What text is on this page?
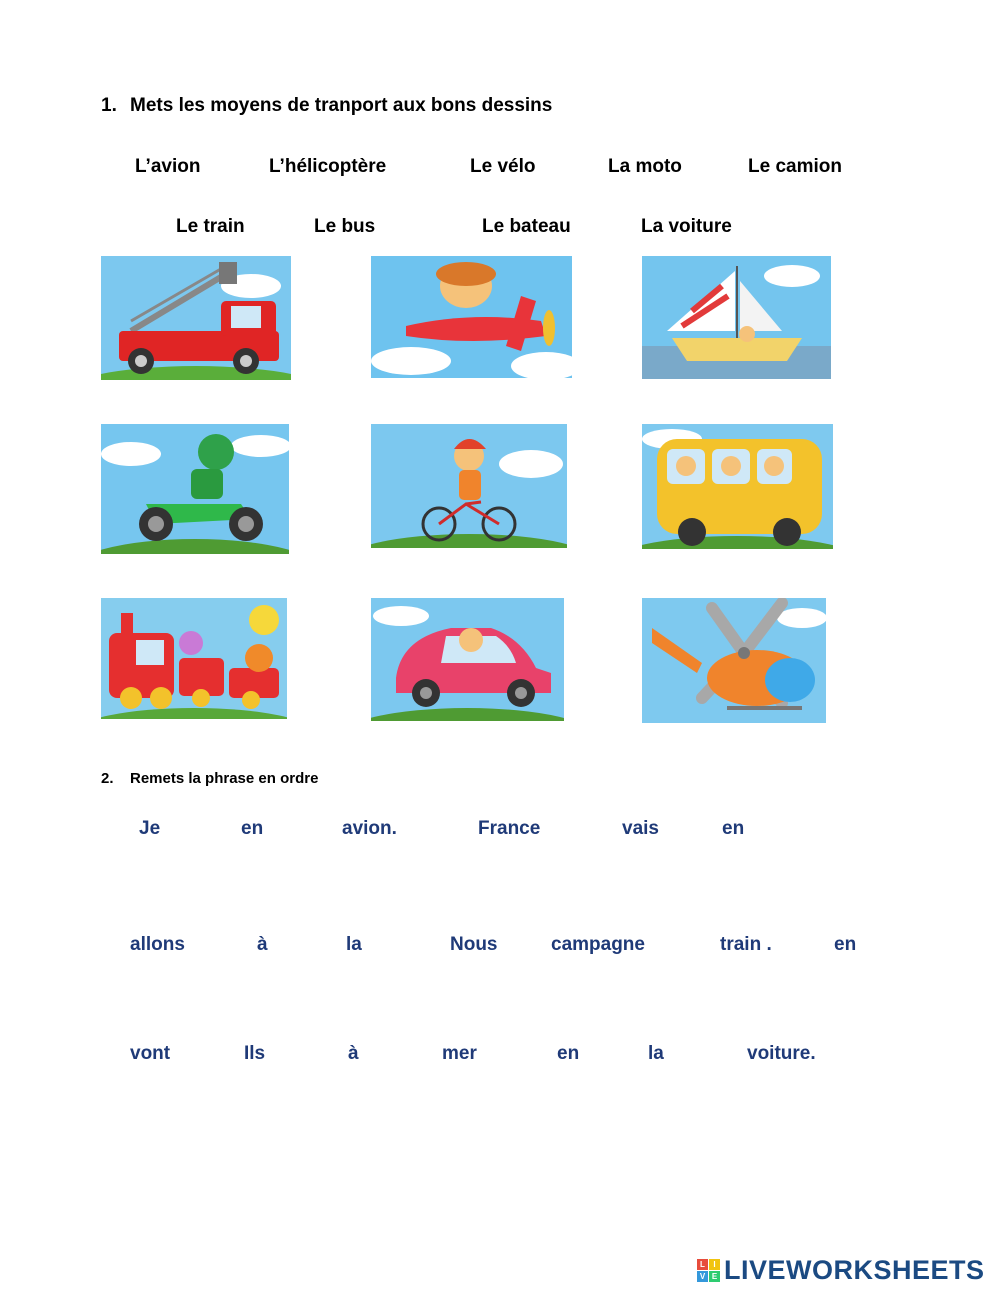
1. Mets les moyens de tranport aux bons dessins
L’avion	L’hélicoptère	Le vélo	La moto	Le camion
Le train	Le bus	Le bateau	La voiture
2. Remets la phrase en ordre
Je	en	avion.	France	vais	en
allons	à	la	Nous	campagne	train .	en
vont	Ils	à	mer	en	la	voiture.
L	I
V E LIVEWORKSHEETS
